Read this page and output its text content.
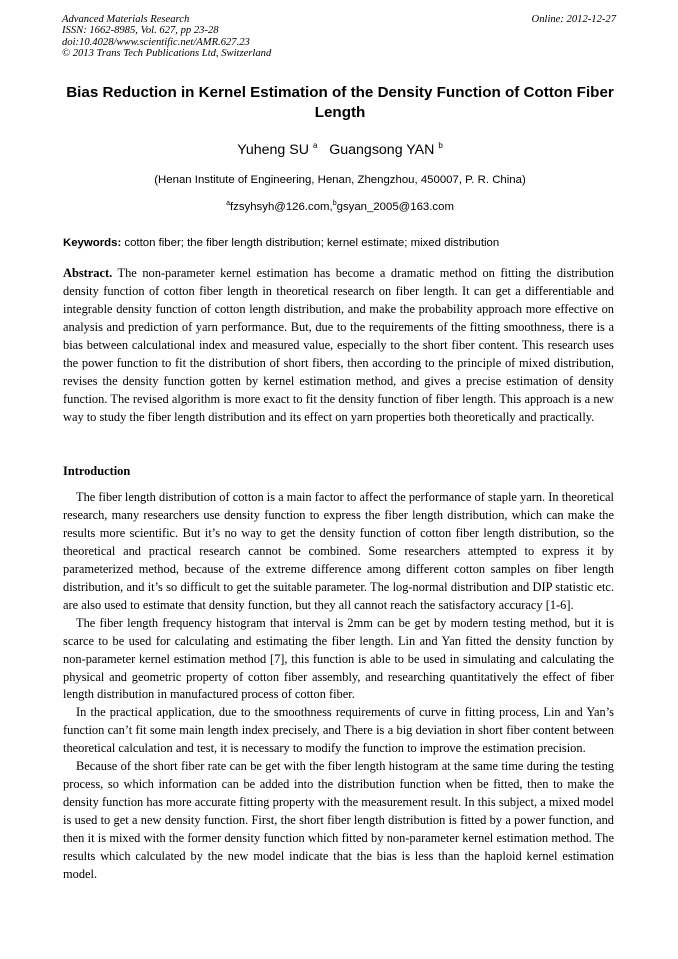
Advanced Materials Research
ISSN: 1662-8985, Vol. 627, pp 23-28
doi:10.4028/www.scientific.net/AMR.627.23
© 2013 Trans Tech Publications Ltd, Switzerland
Online: 2012-12-27
Bias Reduction in Kernel Estimation of the Density Function of Cotton Fiber Length
Yuheng SU $^a$ Guangsong YAN $^b$
(Henan Institute of Engineering, Henan, Zhengzhou, 450007, P. R. China)
$^a$fzsyhsyh@126.com,$^b$gsyan_2005@163.com
Keywords: cotton fiber; the fiber length distribution; kernel estimate; mixed distribution
Abstract. The non-parameter kernel estimation has become a dramatic method on fitting the distribution density function of cotton fiber length in theoretical research on fiber length. It can get a differentiable and integrable density function of cotton length distribution, and make the probability approach more effective on analysis and prediction of yarn performance. But, due to the requirements of the fitting smoothness, there is a bias between calculational index and measured value, especially to the short fiber content. This research uses the power function to fit the distribution of short fibers, then according to the principle of mixed distribution, revises the density function gotten by kernel estimation method, and gives a precise estimation of density function. The revised algorithm is more exact to fit the density function of fiber length. This approach is a new way to study the fiber length distribution and its effect on yarn properties both theoretically and practically.
Introduction

The fiber length distribution of cotton is a main factor to affect the performance of staple yarn. In theoretical research, many researchers use density function to express the fiber length distribution, which can make the results more scientific. But it’s no way to get the density function of cotton fiber length distribution, so the theoretical and practical research cannot be combined. Some researchers attempted to express it by parameterized method, because of the extreme difference among different cotton samples on fiber length distribution, and it’s so difficult to get the suitable parameter. The log-normal distribution and DIP statistic etc. are also used to estimate that density function, but they all cannot reach the satisfactory accuracy [1-6].

The fiber length frequency histogram that interval is 2mm can be get by modern testing method, but it is scarce to be used for calculating and estimating the fiber length. Lin and Yan fitted the density function by non-parameter kernel estimation method [7], this function is able to be used in simulating and calculating the physical and geometric property of cotton fiber assembly, and researching quantitatively the effect of fiber length distribution in manufactured process of cotton fiber.

In the practical application, due to the smoothness requirements of curve in fitting process, Lin and Yan’s function can’t fit some main length index precisely, and There is a big deviation in short fiber content between theoretical calculation and test, it is necessary to modify the function to improve the estimation precision.

Because of the short fiber rate can be get with the fiber length histogram at the same time during the testing process, so which information can be added into the distribution function when be fitted, then to make the density function has more accurate fitting property with the measurement result. In this subject, a mixed model is used to get a new density function. First, the short fiber length distribution is fitted by a power function, and then it is mixed with the former density function which fitted by non-parameter kernel estimation method. The results which calculated by the new model indicate that the bias is less than the haploid kernel estimation model.
